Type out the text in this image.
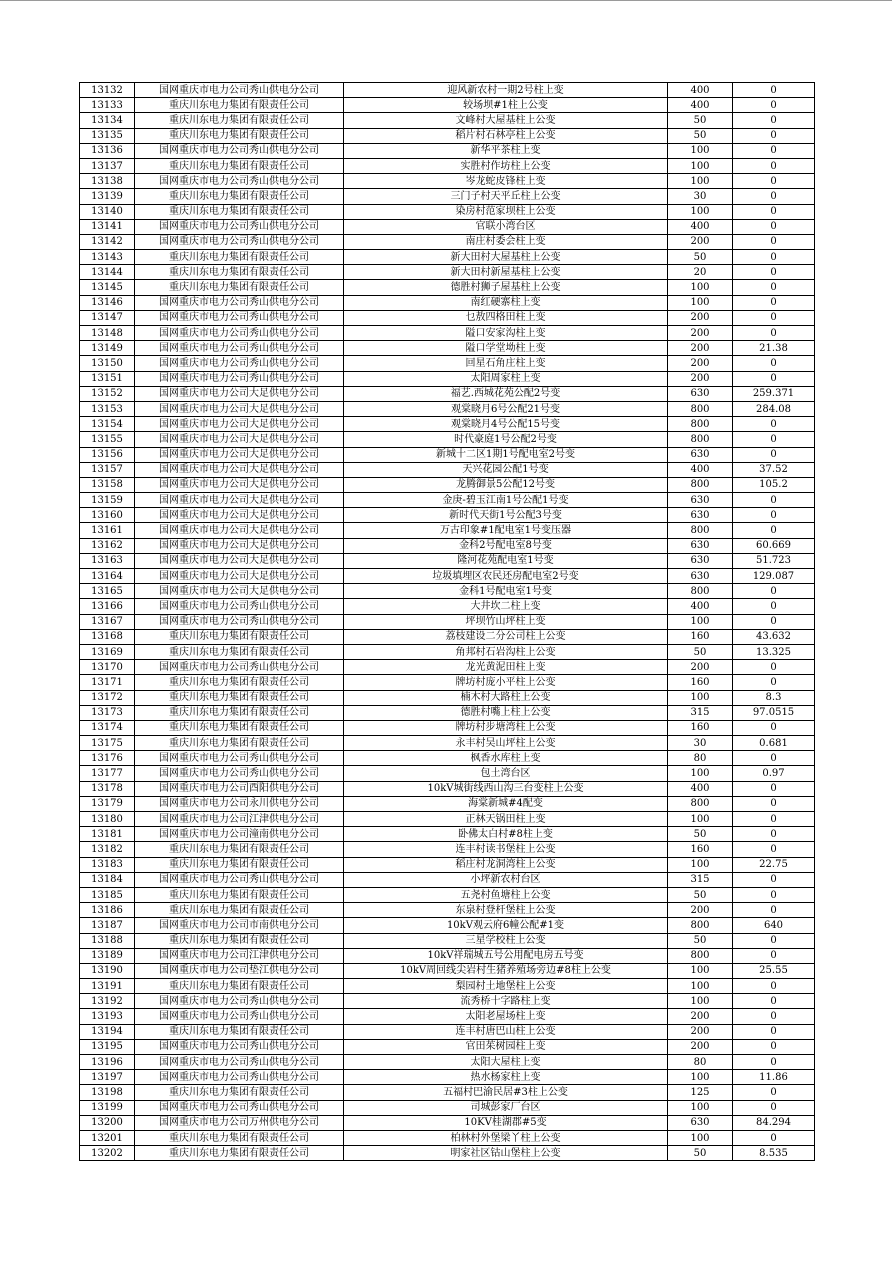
13132	国网重庆市电力公司秀山供电分公司	迎风新农村一期2号柱上变	400	0
13133	重庆川东电力集团有限责任公司	较场坝#1柱上公变	400	0
13134	重庆川东电力集团有限责任公司	文峰村大屋基柱上公变	50	0
13135	重庆川东电力集团有限责任公司	稻片村石林亭柱上公变	50	0
13136	国网重庆市电力公司秀山供电分公司	新华平茶柱上变	100	0
13137	重庆川东电力集团有限责任公司	实胜村作坊柱上公变	100	0
13138	国网重庆市电力公司秀山供电分公司	岑龙蛇皮锋柱上变	100	0
13139	重庆川东电力集团有限责任公司	三门子村天平丘柱上公变	30	0
13140	重庆川东电力集团有限责任公司	染房村范家坝柱上公变	100	0
13141	国网重庆市电力公司秀山供电分公司	官联小湾台区	400	0
13142	国网重庆市电力公司秀山供电分公司	南庄村委会柱上变	200	0
13143	重庆川东电力集团有限责任公司	新大田村大屋基柱上公变	50	0
13144	重庆川东电力集团有限责任公司	新大田村新屋基柱上公变	20	0
13145	重庆川东电力集团有限责任公司	德胜村狮子屋基柱上公变	100	0
13146	国网重庆市电力公司秀山供电分公司	南红硬寨柱上变	100	0
13147	国网重庆市电力公司秀山供电分公司	乜敖四格田柱上变	200	0
13148	国网重庆市电力公司秀山供电分公司	隘口安家沟柱上变	200	0
13149	国网重庆市电力公司秀山供电分公司	隘口学堂坳柱上变	200	21.38
13150	国网重庆市电力公司秀山供电分公司	回星石角庄柱上变	200	0
13151	国网重庆市电力公司秀山供电分公司	太阳周家柱上变	200	0
13152	国网重庆市电力公司大足供电分公司	福艺.西城花苑公配2号变	630	259.371
13153	国网重庆市电力公司大足供电分公司	观棠晓月6号公配21号变	800	284.08
13154	国网重庆市电力公司大足供电分公司	观棠晓月4号公配15号变	800	0
13155	国网重庆市电力公司大足供电分公司	时代豪庭1号公配2号变	800	0
13156	国网重庆市电力公司大足供电分公司	新城十二区1期1号配电室2号变	630	0
13157	国网重庆市电力公司大足供电分公司	天兴花园公配1号变	400	37.52
13158	国网重庆市电力公司大足供电分公司	龙腾御景5公配12号变	800	105.2
13159	国网重庆市电力公司大足供电分公司	金庚-碧玉江南1号公配1号变	630	0
13160	国网重庆市电力公司大足供电分公司	新时代天街1号公配3号变	630	0
13161	国网重庆市电力公司大足供电分公司	万古印象#1配电室1号变压器	800	0
13162	国网重庆市电力公司大足供电分公司	金科2号配电室8号变	630	60.669
13163	国网重庆市电力公司大足供电分公司	隆河花苑配电室1号变	630	51.723
13164	国网重庆市电力公司大足供电分公司	垃圾填埋区农民还房配电室2号变	630	129.087
13165	国网重庆市电力公司大足供电分公司	金科1号配电室1号变	800	0
13166	国网重庆市电力公司秀山供电分公司	大井坎二柱上变	400	0
13167	国网重庆市电力公司秀山供电分公司	坪坝竹山坪柱上变	100	0
13168	重庆川东电力集团有限责任公司	荔枝建设二分公司柱上公变	160	43.632
13169	重庆川东电力集团有限责任公司	角邦村石岩沟柱上公变	50	13.325
13170	国网重庆市电力公司秀山供电分公司	龙光黄泥田柱上变	200	0
13171	重庆川东电力集团有限责任公司	牌坊村庞小平柱上公变	160	0
13172	重庆川东电力集团有限责任公司	楠木村大路柱上公变	100	8.3
13173	重庆川东电力集团有限责任公司	德胜村嘴上柱上公变	315	97.0515
13174	重庆川东电力集团有限责任公司	牌坊村步塘湾柱上公变	160	0
13175	重庆川东电力集团有限责任公司	永丰村吴山坪柱上公变	30	0.681
13176	国网重庆市电力公司秀山供电分公司	枫香水库柱上变	80	0
13177	国网重庆市电力公司秀山供电分公司	包土湾台区	100	0.97
13178	国网重庆市电力公司酉阳供电分公司	10kV城街线西山沟三台变柱上公变	400	0
13179	国网重庆市电力公司永川供电分公司	海棠新城#4配变	800	0
13180	国网重庆市电力公司江津供电分公司	正林天锅田柱上变	100	0
13181	国网重庆市电力公司潼南供电分公司	卧佛太白村#8柱上变	50	0
13182	重庆川东电力集团有限责任公司	连丰村读书堡柱上公变	160	0
13183	重庆川东电力集团有限责任公司	稻庄村龙洞湾柱上公变	100	22.75
13184	国网重庆市电力公司秀山供电分公司	小坪新农村台区	315	0
13185	重庆川东电力集团有限责任公司	五尧村鱼塘柱上公变	50	0
13186	重庆川东电力集团有限责任公司	东泉村登杆堡柱上公变	200	0
13187	国网重庆市电力公司市南供电分公司	10kV观云府6幢公配#1变	800	640
13188	重庆川东电力集团有限责任公司	三星学校柱上公变	50	0
13189	国网重庆市电力公司江津供电分公司	10kV祥瑞城五号公用配电房五号变	800	0
13190	国网重庆市电力公司垫江供电分公司	10kV周回线尖岩村生猪养殖场旁边#8柱上公变	100	25.55
13191	重庆川东电力集团有限责任公司	梨园村土地堡柱上公变	100	0
13192	国网重庆市电力公司秀山供电分公司	流秀桥十字路柱上变	100	0
13193	国网重庆市电力公司秀山供电分公司	太阳老屋场柱上变	200	0
13194	重庆川东电力集团有限责任公司	连丰村唐巴山柱上公变	200	0
13195	国网重庆市电力公司秀山供电分公司	官田茱树园柱上变	200	0
13196	国网重庆市电力公司秀山供电分公司	太阳大屋柱上变	80	0
13197	国网重庆市电力公司秀山供电分公司	热水杨家柱上变	100	11.86
13198	重庆川东电力集团有限责任公司	五福村巴渝民居#3柱上公变	125	0
13199	国网重庆市电力公司秀山供电分公司	司城彭家厂台区	100	0
13200	国网重庆市电力公司万州供电分公司	10KV桂湖郡#5变	630	84.294
13201	重庆川东电力集团有限责任公司	柏林村外堡梁丫柱上公变	100	0
13202	重庆川东电力集团有限责任公司	明家社区钴山堡柱上公变	50	8.535
